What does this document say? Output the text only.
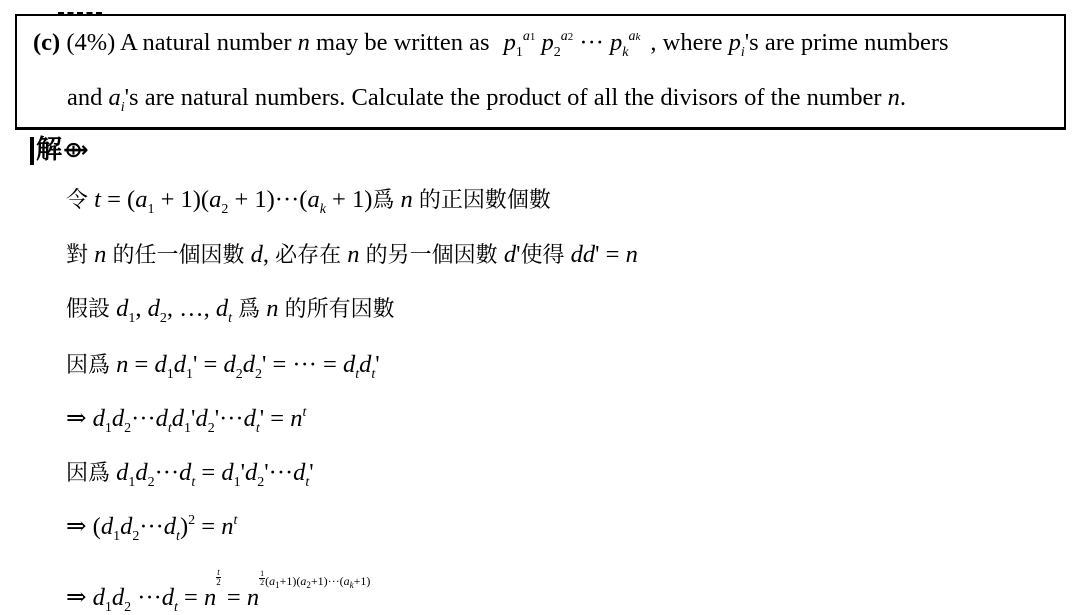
(c) (4%) A natural number n may be written as $p_1^{a1}$ $p_2^{a2}$ ··· $p_k^{ak}$ , where $p_i's$ are prime numbers
and $a_i's$ are natural numbers. Calculate the product of all the divisors of the number n.
解⟴
令 $t = (a_1 + 1)(a_2 + 1)\cdot\cdot\cdot(a_k + 1)$爲 n 的正因數個數
對 n 的任一個因數 d, 必存在 n 的另一個因數 d'使得 dd' = n
假設 $d_1$, $d_2$, …, $d_t$ 爲 n 的所有因數
因爲 $n = d_1d_1' = d_2d_2'$ = ··· = $d_td_t'$
⇒ $d_1d_2\cdot\cdot\cdot d_td_1'd_2'\cdot\cdot\cdot d_t' = n^t$
因爲 $d_1d_2\cdot\cdot\cdot d_t = d_1'd_2'\cdot\cdot\cdot d_t'$
⇒ $(d_1d_2\cdot\cdot\cdot d_t)^2 = n^t$
⇒ $d_1d_2 \cdot\cdot\cdot d_t = n$
$\frac{t}{2}$
= n
$^{\frac{1}{2} (a_1+1)(a_2+1)\cdot\cdot\cdot(a_k+1)}$
